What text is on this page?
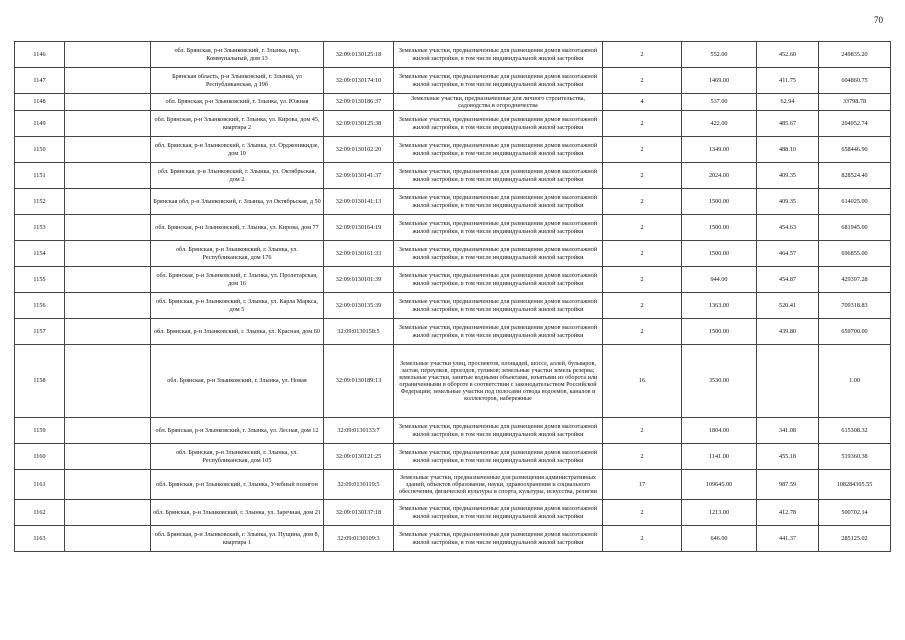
70
1146		обл. Брянская, р-н Злынковский, г. Злынка, пер. Коммунальный, дом 13	32:09:0130125:18	Земельные участки, предназначенные для размещения домов малоэтажной жилой застройки, в том числе индивидуальной жилой застройки	2	552.00	452.60	249835.20
1147		Брянская область, р-н Злынковский, г. Злынка, ул Республиканская, д 19б	32:09:0130174:10	Земельные участки, предназначенные для размещения домов малоэтажной жилой застройки, в том числе индивидуальной жилой застройки	2	1469.00	411.75	604860.75
1148		обл. Брянская, р-н Злынковский, г. Злынка, ул. Южная	32:09:0130186:37	Земельные участки, предназначенные для личного строительства, садоводства и огородничества	4	537.00	62.94	33798.78
1149		обл. Брянская, р-н Злынковский, г. Злынка, ул. Кирова, дом 45, квартира 2	32:09:0130125:38	Земельные участки, предназначенные для размещения домов малоэтажной жилой застройки, в том числе индивидуальной жилой застройки	2	422.00	485.67	204952.74
1150		обл. Брянская, р-н Злынковский, г. Злынка, ул. Орджоникидзе, дом 10	32:09:0130102:20	Земельные участки, предназначенные для размещения домов малоэтажной жилой застройки, в том числе индивидуальной жилой застройки	2	1349.00	488.10	658446.90
1151		обл. Брянская, р-н Злынковский, г. Злынка, ул. Октябрьская, дом 2	32:09:0130141:37	Земельные участки, предназначенные для размещения домов малоэтажной жилой застройки, в том числе индивидуальной жилой застройки	2	2024.00	409.35	828524.40
1152		Брянская обл, р-н Злынковский, г. Злынка, ул Октябрьская, д 50	32:09:0130141:13	Земельные участки, предназначенные для размещения домов малоэтажной жилой застройки, в том числе индивидуальной жилой застройки	2	1500.00	409.35	614025.00
1153		обл. Брянская, р-н Злынковский, г. Злынка, ул. Кирова, дом 77	32:09:0130164:19	Земельные участки, предназначенные для размещения домов малоэтажной жилой застройки, в том числе индивидуальной жилой застройки	2	1500.00	454.63	681945.00
1154		обл. Брянская, р-н Злынковский, г. Злынка, ул. Республиканская, дом 176	32:09:0130161:33	Земельные участки, предназначенные для размещения домов малоэтажной жилой застройки, в том числе индивидуальной жилой застройки	2	1500.00	464.57	696855.00
1155		обл. Брянская, р-н Злынковский, г. Злынка, ул. Пролетарская, дом 16	32:09:0130101:39	Земельные участки, предназначенные для размещения домов малоэтажной жилой застройки, в том числе индивидуальной жилой застройки	2	944.00	454.87	429397.28
1156		обл. Брянская, р-н Злынковский, г. Злынка, ул. Карла Маркса, дом 5	32:09:0130135:39	Земельные участки, предназначенные для размещения домов малоэтажной жилой застройки, в том числе индивидуальной жилой застройки	2	1363.00	520.41	709318.83
1157		обл. Брянская, р-н Злынковский, г. Злынка, ул. Красная, дом 60	32:09:0130158:5	Земельные участки, предназначенные для размещения домов малоэтажной жилой застройки, в том числе индивидуальной жилой застройки	2	1500.00	439.80	659700.00
1158		обл. Брянская, р-н Злынковский, г. Злынка, ул. Новая	32:09:0130189:13	Земельные участки улиц, проспектов, площадей, шоссе, аллей, бульваров, застав, переулков, проездов, тупиков; земельные участки земель резерва; земельные участки, занятые водными объектами, изъятыми из оборота или ограниченными в обороте в соответствии с законодательством Российской Федерации; земельные участки под полосами отвода водоемов, каналов и коллекторов, набережные	16	3530.00		1.00
1159		обл. Брянская, р-н Злынковский, г. Злынка, ул. Лесная, дом 12	32:09:0130133:7	Земельные участки, предназначенные для размещения домов малоэтажной жилой застройки, в том числе индивидуальной жилой застройки	2	1804.00	341.08	615308.32
1160		обл. Брянская, р-н Злынковский, г. Злынка, ул. Республиканская, дом 105	32:09:0130121:25	Земельные участки, предназначенные для размещения домов малоэтажной жилой застройки, в том числе индивидуальной жилой застройки	2	1141.00	455.18	519360.38
1161		обл. Брянская, р-н Злынковский, г. Злынка, Учебный полигон	32:09:0130119:5	Земельные участки, предназначенные для размещения административных зданий, объектов образования, науки, здравоохранения и социального обеспечения, физической культуры и спорта, культуры, искусства, религии	17	109645.00	987.59	108284305.55
1162		обл. Брянская, р-н Злынковский, г. Злынка, ул. Заречная, дом 21	32:09:0130137:18	Земельные участки, предназначенные для размещения домов малоэтажной жилой застройки, в том числе индивидуальной жилой застройки	2	1213.00	412.78	500702.14
1163		обл. Брянская, р-н Злынковский, г. Злынка, ул. Пущина, дом 8, квартира 1	32:09:0130109:3	Земельные участки, предназначенные для размещения домов малоэтажной жилой застройки, в том числе индивидуальной жилой застройки	2	646.00	441.37	285125.02
